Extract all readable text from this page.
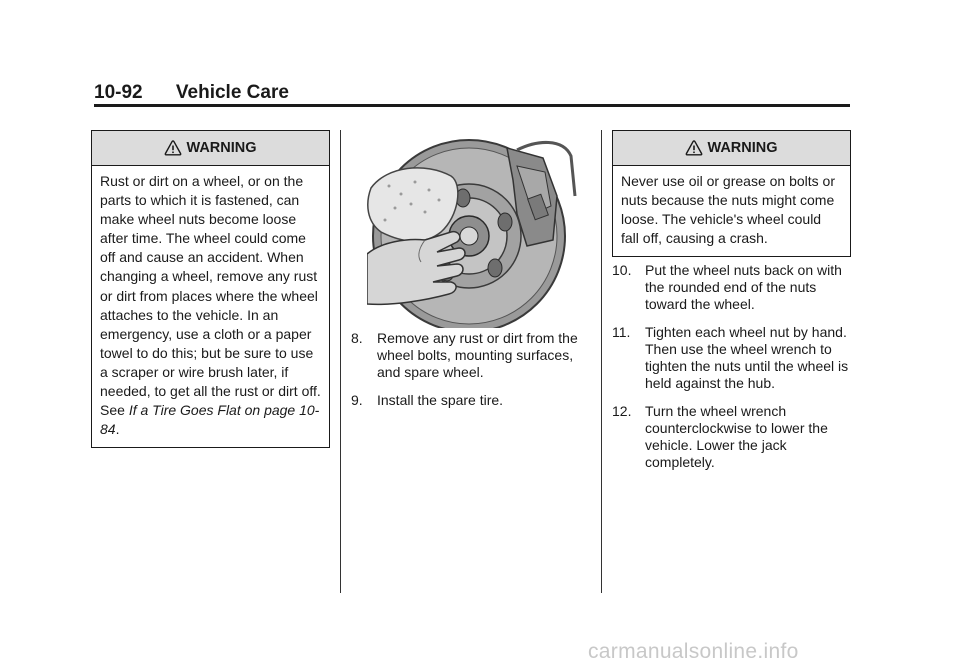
10-92 Vehicle Care
WARNING
Rust or dirt on a wheel, or on the parts to which it is fastened, can make wheel nuts become loose after time. The wheel could come off and cause an accident. When changing a wheel, remove any rust or dirt from places where the wheel attaches to the vehicle. In an emergency, use a cloth or a paper towel to do this; but be sure to use a scraper or wire brush later, if needed, to get all the rust or dirt off. See If a Tire Goes Flat on page 10-84.
8. Remove any rust or dirt from the wheel bolts, mounting surfaces, and spare wheel.
9. Install the spare tire.
WARNING
Never use oil or grease on bolts or nuts because the nuts might come loose. The vehicle's wheel could fall off, causing a crash.
10. Put the wheel nuts back on with the rounded end of the nuts toward the wheel.
11. Tighten each wheel nut by hand. Then use the wheel wrench to tighten the nuts until the wheel is held against the hub.
12. Turn the wheel wrench counterclockwise to lower the vehicle. Lower the jack completely.
carmanualsonline.info
